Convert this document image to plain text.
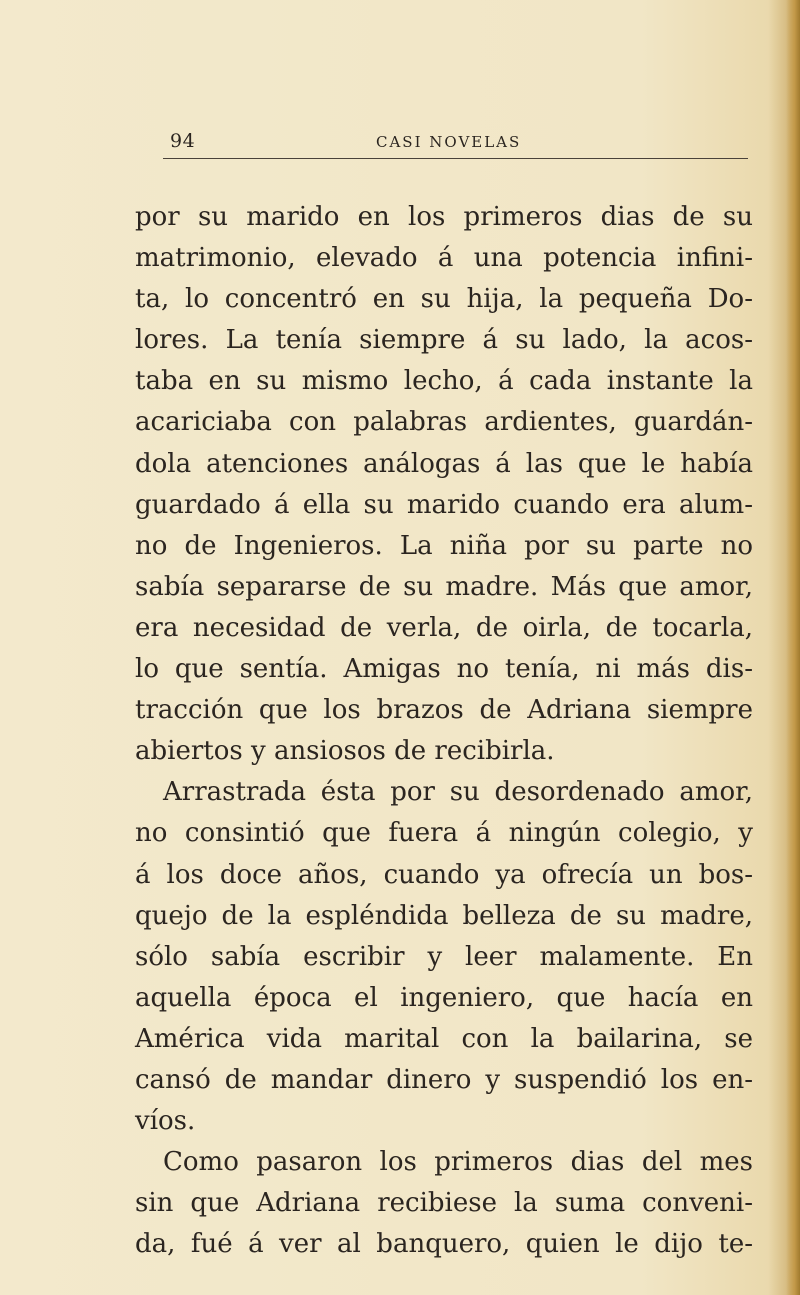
94	CASI NOVELAS
por su marido en los primeros dias de su
matrimonio, elevado á una potencia infini-
ta, lo concentró en su hija, la pequeña Do-
lores. La tenía siempre á su lado, la acos-
taba en su mismo lecho, á cada instante la
acariciaba con palabras ardientes, guardán-
dola atenciones análogas á las que le había
guardado á ella su marido cuando era alum-
no de Ingenieros. La niña por su parte no
sabía separarse de su madre. Más que amor,
era necesidad de verla, de oirla, de tocarla,
lo que sentía. Amigas no tenía, ni más dis-
tracción que los brazos de Adriana siempre
abiertos y ansiosos de recibirla.
Arrastrada ésta por su desordenado amor,
no consintió que fuera á ningún colegio, y
á los doce años, cuando ya ofrecía un bos-
quejo de la espléndida belleza de su madre,
sólo sabía escribir y leer malamente. En
aquella época el ingeniero, que hacía en
América vida marital con la bailarina, se
cansó de mandar dinero y suspendió los en-
víos.
Como pasaron los primeros dias del mes
sin que Adriana recibiese la suma conveni-
da, fué á ver al banquero, quien le dijo te-
